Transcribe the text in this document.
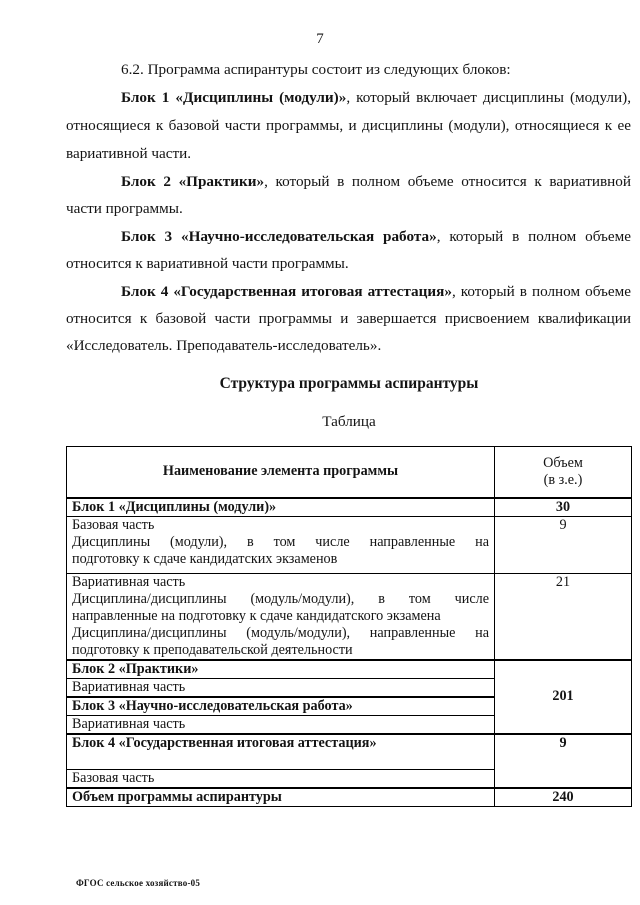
7
6.2. Программа аспирантуры состоит из следующих блоков:
Блок 1 «Дисциплины (модули)», который включает дисциплины (модули),
относящиеся к базовой части программы, и дисциплины (модули), относящиеся к ее
вариативной части.
Блок 2 «Практики», который в полном объеме относится к вариативной
части программы.
Блок 3 «Научно-исследовательская работа», который в полном объеме
относится к вариативной части программы.
Блок 4 «Государственная итоговая аттестация», который в полном объеме
относится к базовой части программы и завершается присвоением квалификации
«Исследователь. Преподаватель-исследователь».
Структура программы аспирантуры
Таблица
Наименование элемента программы	Объем
(в з.е.)

Блок 1 «Дисциплины (модули)»	30

Базовая часть
Дисциплины (модули), в том числе направленные на
подготовку к сдаче кандидатских экзаменов	9

Вариативная часть
Дисциплина/дисциплины (модуль/модули), в том числе
направленные на подготовку к сдаче кандидатского экзамена
Дисциплина/дисциплины (модуль/модули), направленные на
подготовку к преподавательской деятельности	21
Блок 2 «Практики»	201
Вариативная часть	
Блок 3 «Научно-исследовательская работа»	
Вариативная часть	
Блок 4 «Государственная итоговая аттестация»	9
Базовая часть	
Объем программы аспирантуры	240
ФГОС сельское хозяйство-05
